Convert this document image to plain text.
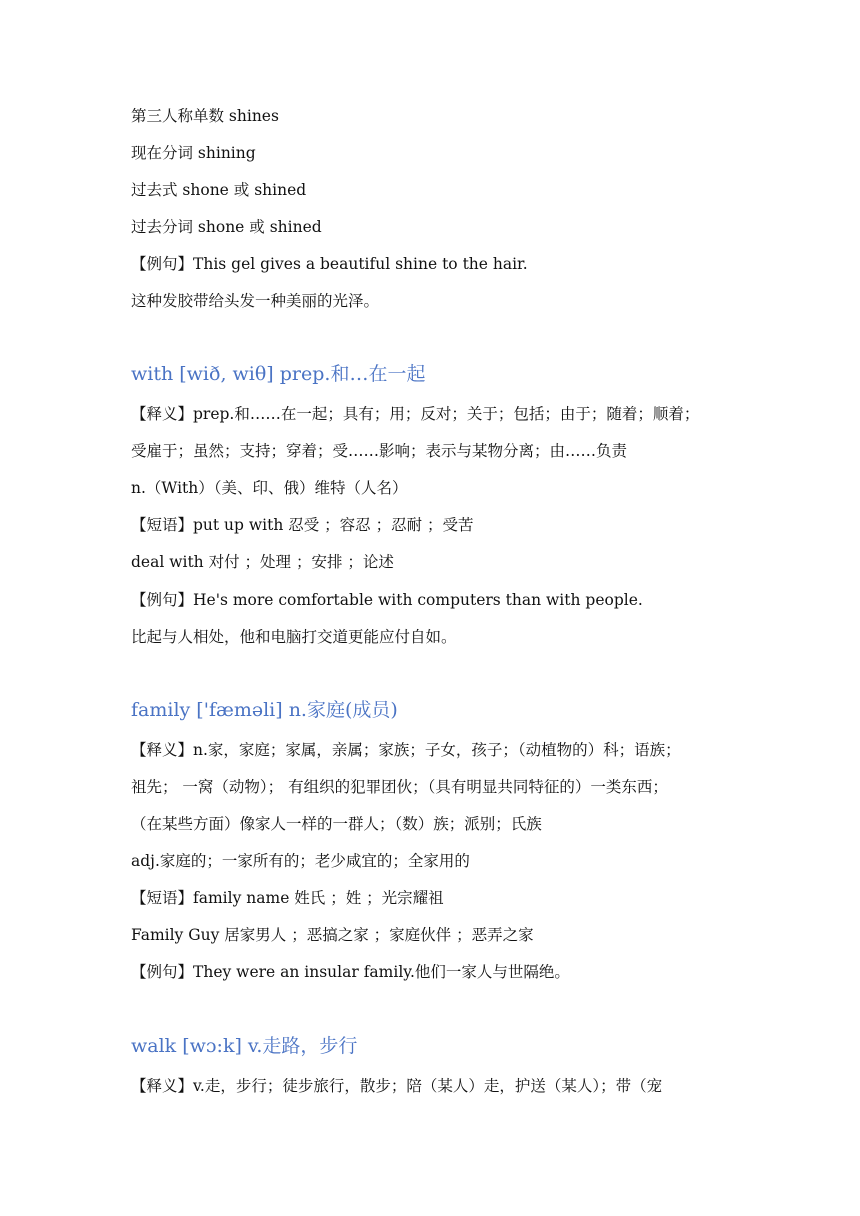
第三人称单数 shines
现在分词 shining
过去式 shone 或 shined
过去分词 shone 或 shined
【例句】This gel gives a beautiful shine to the hair.
这种发胶带给头发一种美丽的光泽。
with [wið, wiθ] prep.和…在一起
【释义】prep.和……在一起；具有；用；反对；关于；包括；由于；随着；顺着；
受雇于；虽然；支持；穿着；受……影响；表示与某物分离；由……负责
n.（With）（美、印、俄）维特（人名）
【短语】put up with 忍受 ；容忍 ；忍耐 ；受苦
deal with 对付 ；处理 ；安排 ；论述
【例句】He's more comfortable with computers than with people.
比起与人相处，他和电脑打交道更能应付自如。
family ['fæməli] n.家庭(成员)
【释义】n.家，家庭；家属，亲属；家族；子女，孩子；（动植物的）科；语族；
祖先； 一窝（动物）； 有组织的犯罪团伙；（具有明显共同特征的）一类东西；
（在某些方面）像家人一样的一群人；（数）族；派别；氏族
adj.家庭的；一家所有的；老少咸宜的；全家用的
【短语】family name 姓氏 ；姓 ；光宗耀祖
Family Guy 居家男人 ；恶搞之家 ；家庭伙伴 ；恶弄之家
【例句】They were an insular family.他们一家人与世隔绝。
walk [wɔ:k] v.走路，步行
【释义】v.走，步行；徒步旅行，散步；陪（某人）走，护送（某人）；带（宠
